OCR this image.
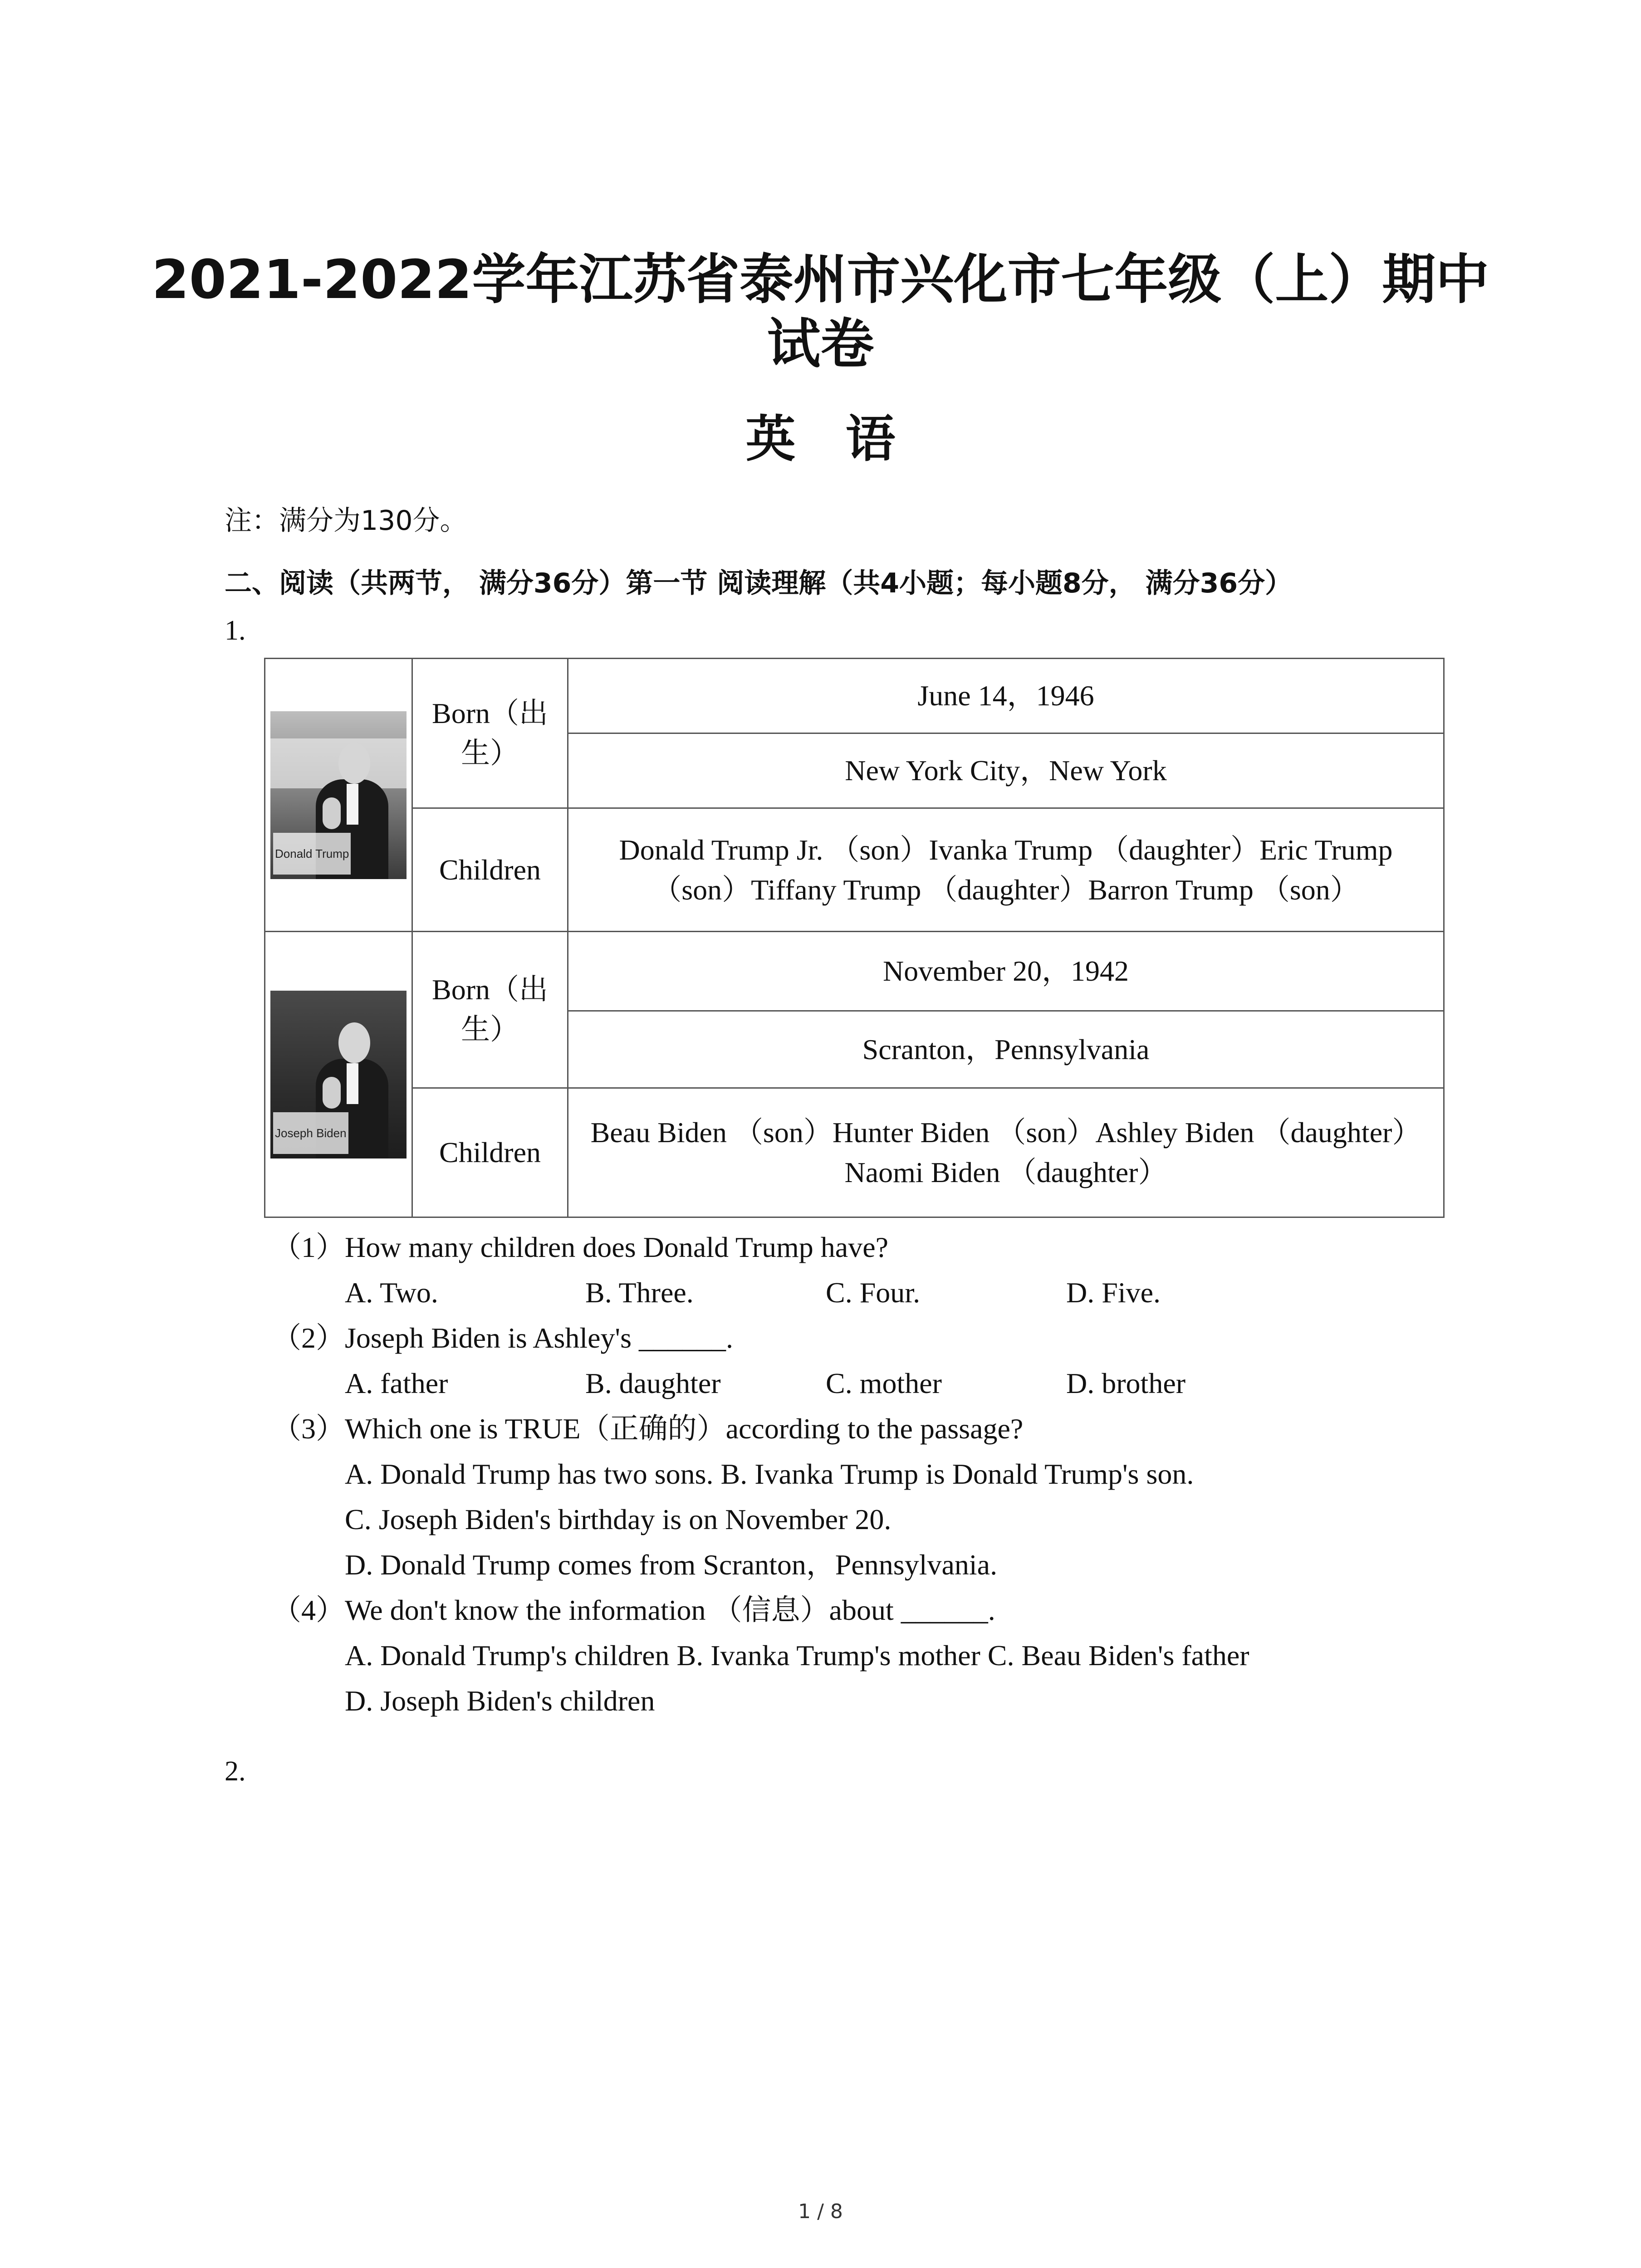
2021-2022学年江苏省泰州市兴化市七年级（上）期中
试卷
英语
注：满分为130分。
二、阅读（共两节， 满分36分）第一节 阅读理解（共4小题；每小题8分， 满分36分）
1.
Donald Trump	Born（出生）	June 14，1946
		New York City，New York
	Children	Donald Trump Jr. （son）Ivanka Trump （daughter）Eric Trump （son）Tiffany Trump （daughter）Barron Trump （son）

Joseph Biden	Born（出生）	November 20，1942
		Scranton，Pennsylvania
	Children	Beau Biden （son）Hunter Biden （son）Ashley Biden （daughter）Naomi Biden （daughter）
（1）How many children does Donald Trump have?
A. Two.	B. Three.	C. Four.	D. Five.
（2）Joseph Biden is Ashley's ______.
A. father	B. daughter	C. mother	D. brother
（3）Which one is TRUE（正确的）according to the passage?
A. Donald Trump has two sons. B. Ivanka Trump is Donald Trump's son.
C. Joseph Biden's birthday is on November 20.
D. Donald Trump comes from Scranton，Pennsylvania.
（4）We don't know the information （信息）about ______.
A. Donald Trump's children B. Ivanka Trump's mother C. Beau Biden's father
D. Joseph Biden's children
2.
1 / 8
